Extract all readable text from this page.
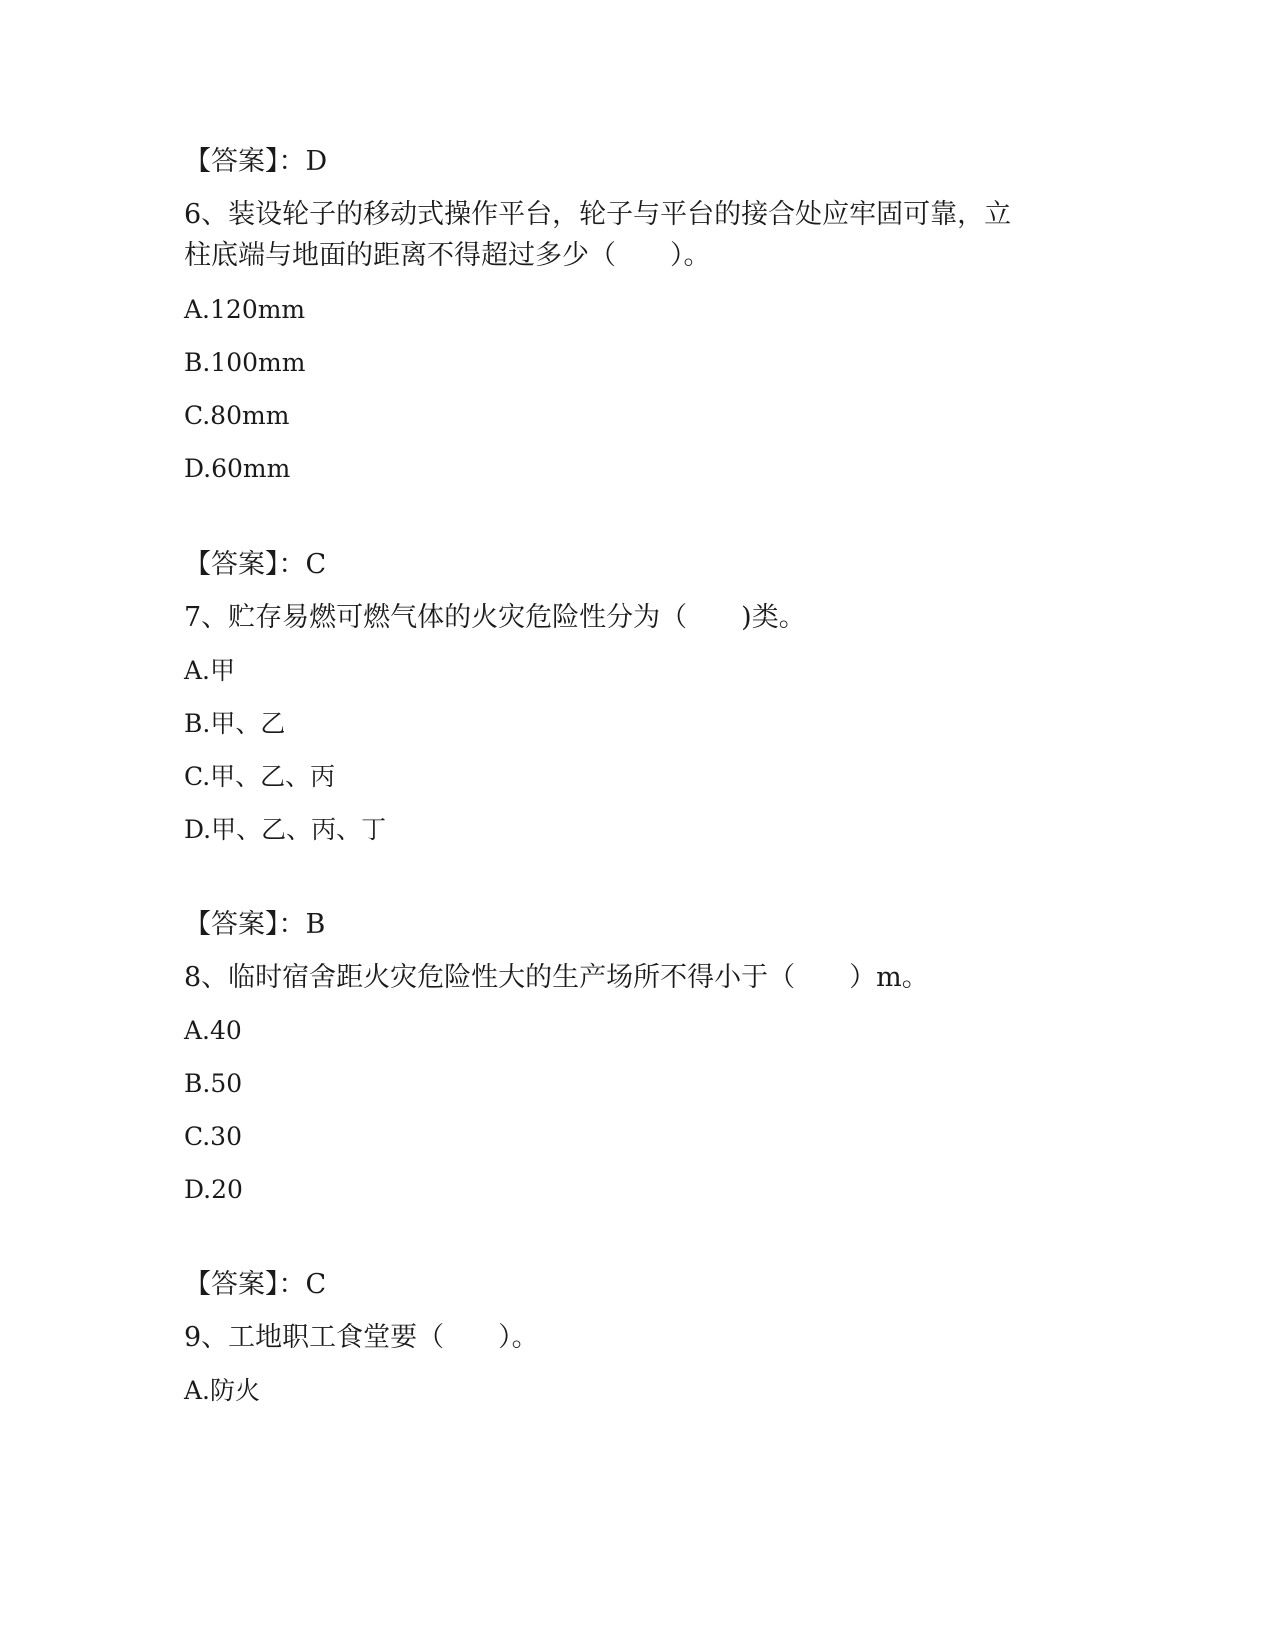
【答案】：D
6、装设轮子的移动式操作平台，轮子与平台的接合处应牢固可靠，立
柱底端与地面的距离不得超过多少（　　）。
A.120mm
B.100mm
C.80mm
D.60mm
【答案】：C
7、贮存易燃可燃气体的火灾危险性分为（　　)类。
A.甲
B.甲、乙
C.甲、乙、丙
D.甲、乙、丙、丁
【答案】：B
8、临时宿舍距火灾危险性大的生产场所不得小于（　　）m。
A.40
B.50
C.30
D.20
【答案】：C
9、工地职工食堂要（　　）。
A.防火
